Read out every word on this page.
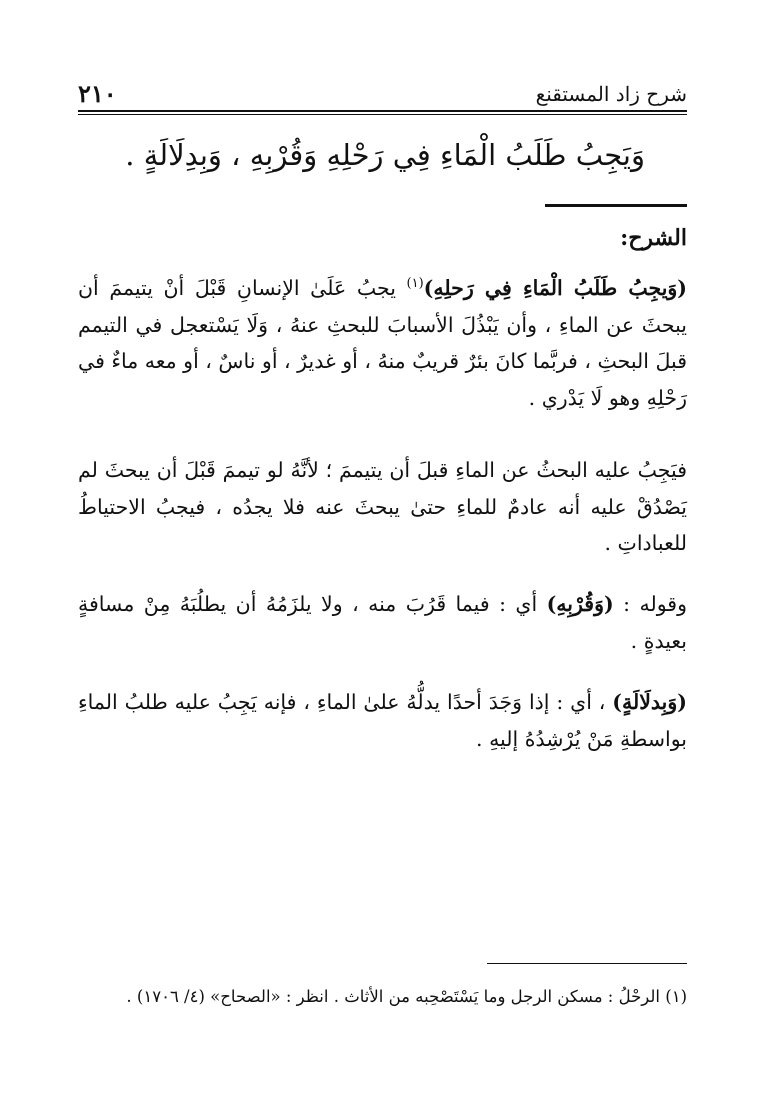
شرح زاد المستقنع
٢١٠
وَيَجِبُ طَلَبُ الْمَاءِ فِي رَحْلِهِ وَقُرْبِهِ ، وَبِدِلَالَةٍ .
الشرح:
(وَيجِبُ طَلَبُ الْمَاءِ فِي رَحلِهِ)$^{(١)}$ يجبُ عَلَىٰ الإنسانِ قَبْلَ أنْ يتيممَ أن يبحثَ عن الماءِ ، وأن يَبْذُلَ الأسبابَ للبحثِ عنهُ ، وَلَا يَسْتعجل في التيمم قبلَ البحثِ ، فربَّما كانَ بئرٌ قريبٌ منهُ ، أو غديرٌ ، أو ناسٌ ، أو معه ماءٌ في رَحْلِهِ وهو لَا يَدْري .
فيَجِبُ عليه البحثُ عن الماءِ قبلَ أن يتيممَ ؛ لأنَّهُ لو تيممَ قَبْلَ أن يبحثَ لم يَصْدُقْ عليه أنه عادمٌ للماءِ حتىٰ يبحثَ عنه فلا يجدُه ، فيجبُ الاحتياطُ للعباداتِ .
وقوله : (وَقُرْبِهِ) أي : فيما قَرُبَ منه ، ولا يلزَمُهُ أن يطلُبَهُ مِنْ مسافةٍ بعيدةٍ .
(وَبِدلَالَةٍ) ، أي : إذا وَجَدَ أحدًا يدلُّهُ علىٰ الماءِ ، فإنه يَجِبُ عليه طلبُ الماءِ بواسطةِ مَنْ يُرْشِدُهُ إليهِ .
(١) الرحْلُ : مسكن الرجل وما يَسْتَصْحِبه من الأثاث . انظر : «الصحاح» (٤/ ١٧٠٦) .
